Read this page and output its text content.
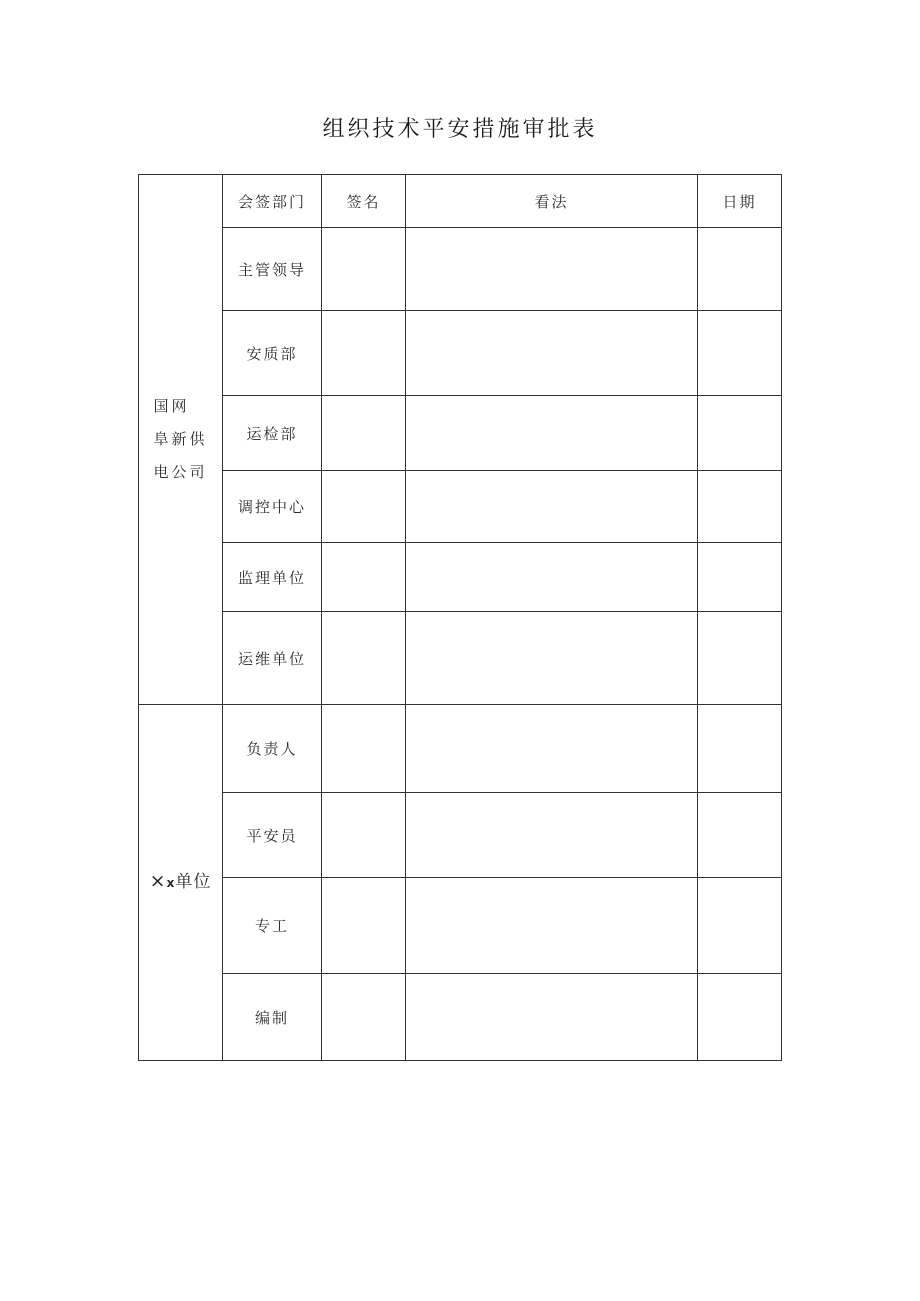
组织技术平安措施审批表
国网
阜新供
电公司	会签部门	签名	看法	日期
	主管领导			
	安质部			
	运检部			
	调控中心			
	监理单位			
	运维单位			
×x单位	负责人			
	平安员			
	专工			
	编制			
